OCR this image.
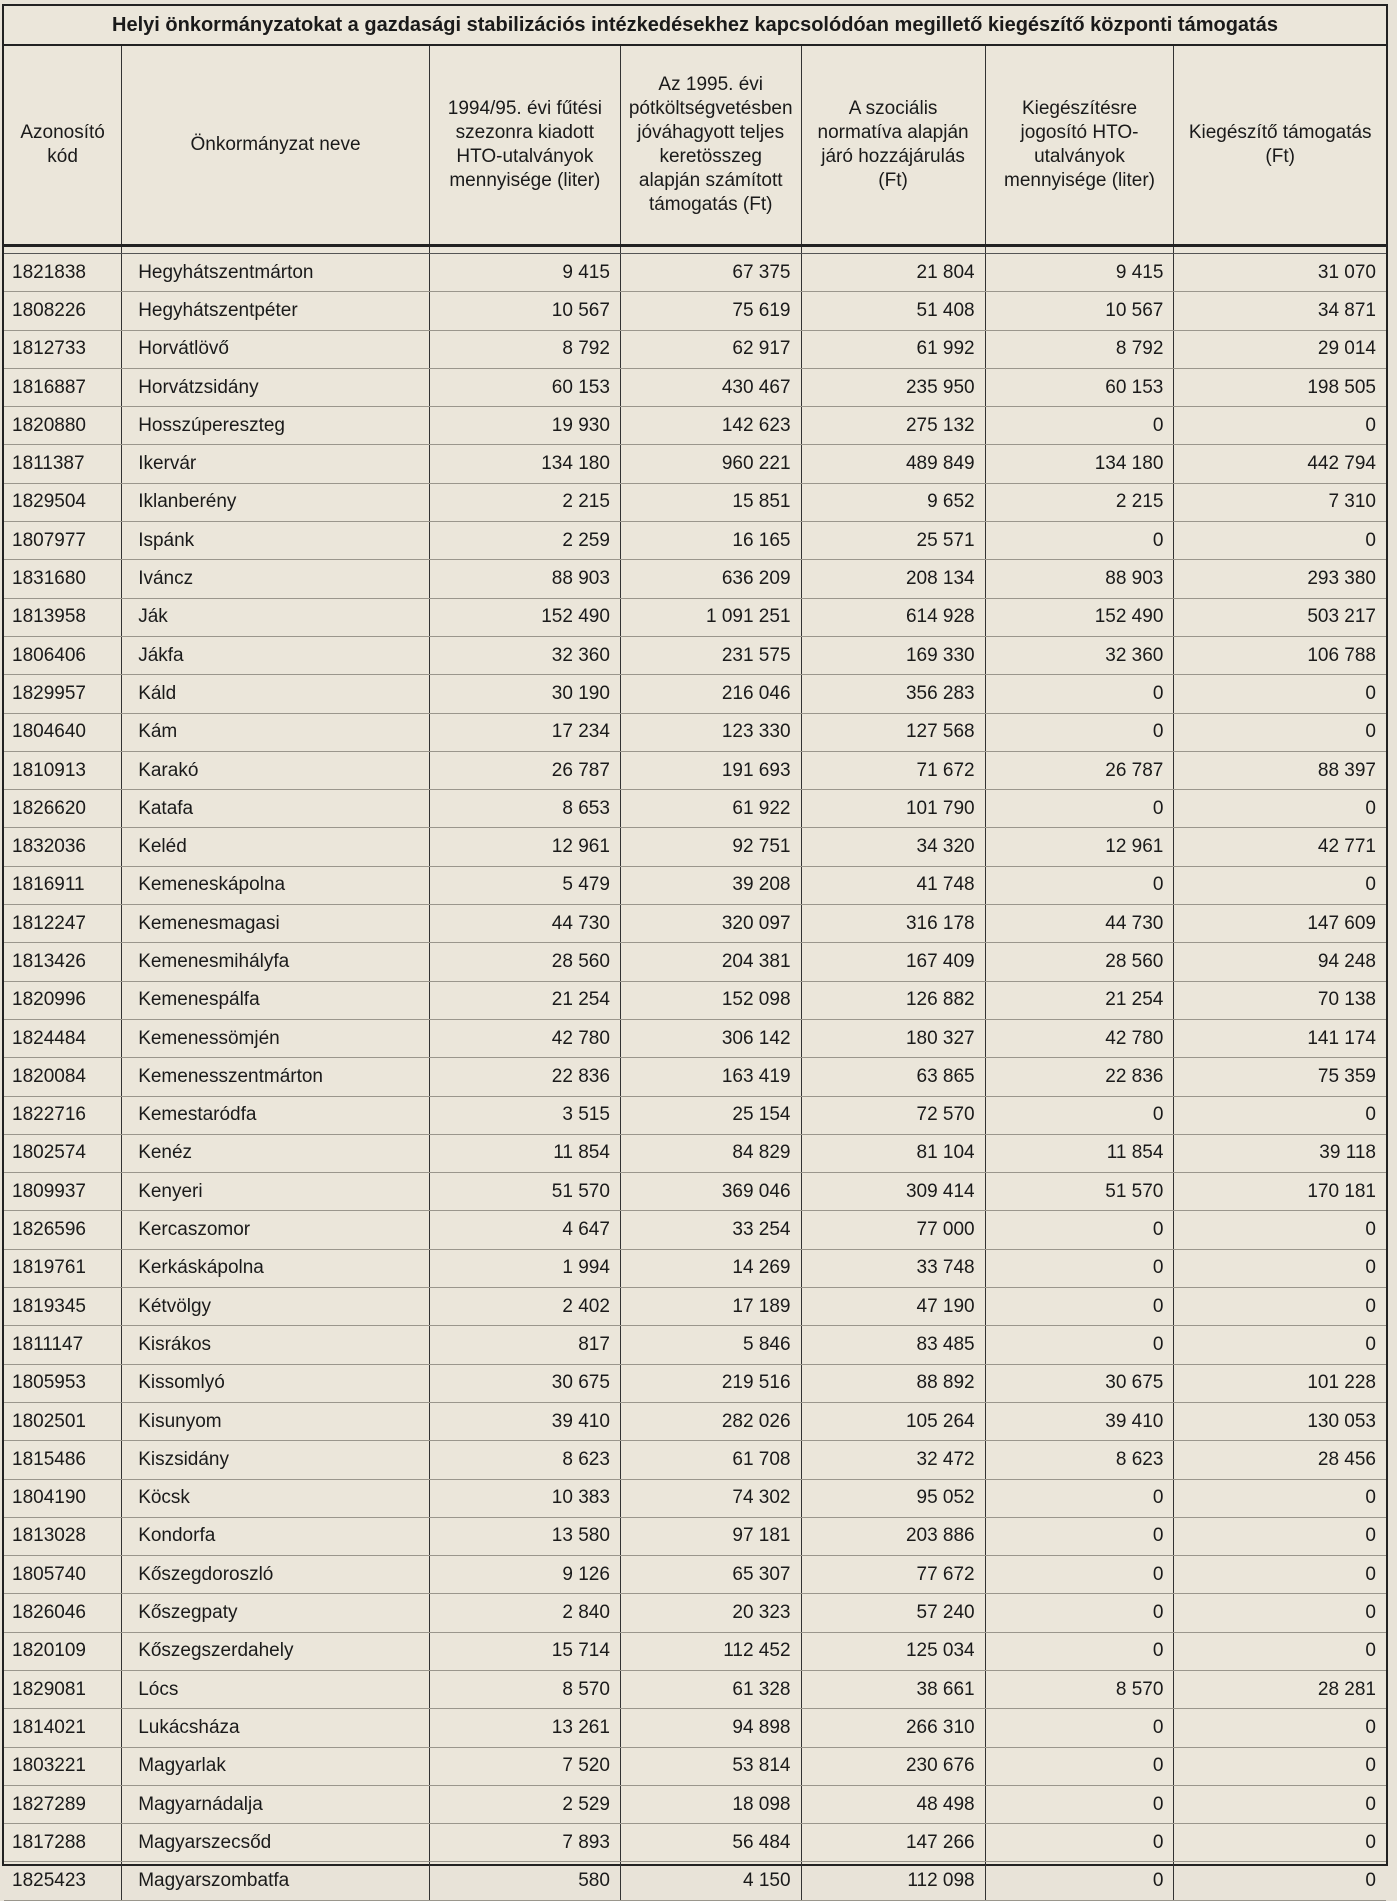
Helyi önkormányzatokat a gazdasági stabilizációs intézkedésekhez kapcsolódóan megillető kiegészítő központi támogatás
Azonosító kód	Önkormányzat neve	1994/95. évi fűtési szezonra kiadott HTO-utalványok mennyisége (liter)	Az 1995. évi pótköltségvetésben jóváhagyott teljes keretösszeg alapján számított támogatás (Ft)	A szociális normatíva alapján járó hozzájárulás (Ft)	Kiegészítésre jogosító HTO-utalványok mennyisége (liter)	Kiegészítő támogatás (Ft)

1821838	Hegyhátszentmárton	9 415	67 375	21 804	9 415	31 070
1808226	Hegyhátszentpéter	10 567	75 619	51 408	10 567	34 871
1812733	Horvátlövő	8 792	62 917	61 992	8 792	29 014
1816887	Horvátzsidány	60 153	430 467	235 950	60 153	198 505
1820880	Hosszúpereszteg	19 930	142 623	275 132	0	0
1811387	Ikervár	134 180	960 221	489 849	134 180	442 794
1829504	Iklanberény	2 215	15 851	9 652	2 215	7 310
1807977	Ispánk	2 259	16 165	25 571	0	0
1831680	Iváncz	88 903	636 209	208 134	88 903	293 380
1813958	Ják	152 490	1 091 251	614 928	152 490	503 217
1806406	Jákfa	32 360	231 575	169 330	32 360	106 788
1829957	Káld	30 190	216 046	356 283	0	0
1804640	Kám	17 234	123 330	127 568	0	0
1810913	Karakó	26 787	191 693	71 672	26 787	88 397
1826620	Katafa	8 653	61 922	101 790	0	0
1832036	Keléd	12 961	92 751	34 320	12 961	42 771
1816911	Kemeneskápolna	5 479	39 208	41 748	0	0
1812247	Kemenesmagasi	44 730	320 097	316 178	44 730	147 609
1813426	Kemenesmihályfa	28 560	204 381	167 409	28 560	94 248
1820996	Kemenespálfa	21 254	152 098	126 882	21 254	70 138
1824484	Kemenessömjén	42 780	306 142	180 327	42 780	141 174
1820084	Kemenesszentmárton	22 836	163 419	63 865	22 836	75 359
1822716	Kemestaródfa	3 515	25 154	72 570	0	0
1802574	Kenéz	11 854	84 829	81 104	11 854	39 118
1809937	Kenyeri	51 570	369 046	309 414	51 570	170 181
1826596	Kercaszomor	4 647	33 254	77 000	0	0
1819761	Kerkáskápolna	1 994	14 269	33 748	0	0
1819345	Kétvölgy	2 402	17 189	47 190	0	0
1811147	Kisrákos	817	5 846	83 485	0	0
1805953	Kissomlyó	30 675	219 516	88 892	30 675	101 228
1802501	Kisunyom	39 410	282 026	105 264	39 410	130 053
1815486	Kiszsidány	8 623	61 708	32 472	8 623	28 456
1804190	Köcsk	10 383	74 302	95 052	0	0
1813028	Kondorfa	13 580	97 181	203 886	0	0
1805740	Kőszegdoroszló	9 126	65 307	77 672	0	0
1826046	Kőszegpaty	2 840	20 323	57 240	0	0
1820109	Kőszegszerdahely	15 714	112 452	125 034	0	0
1829081	Lócs	8 570	61 328	38 661	8 570	28 281
1814021	Lukácsháza	13 261	94 898	266 310	0	0
1803221	Magyarlak	7 520	53 814	230 676	0	0
1827289	Magyarnádalja	2 529	18 098	48 498	0	0
1817288	Magyarszecsőd	7 893	56 484	147 266	0	0
1825423	Magyarszombatfa	580	4 150	112 098	0	0
